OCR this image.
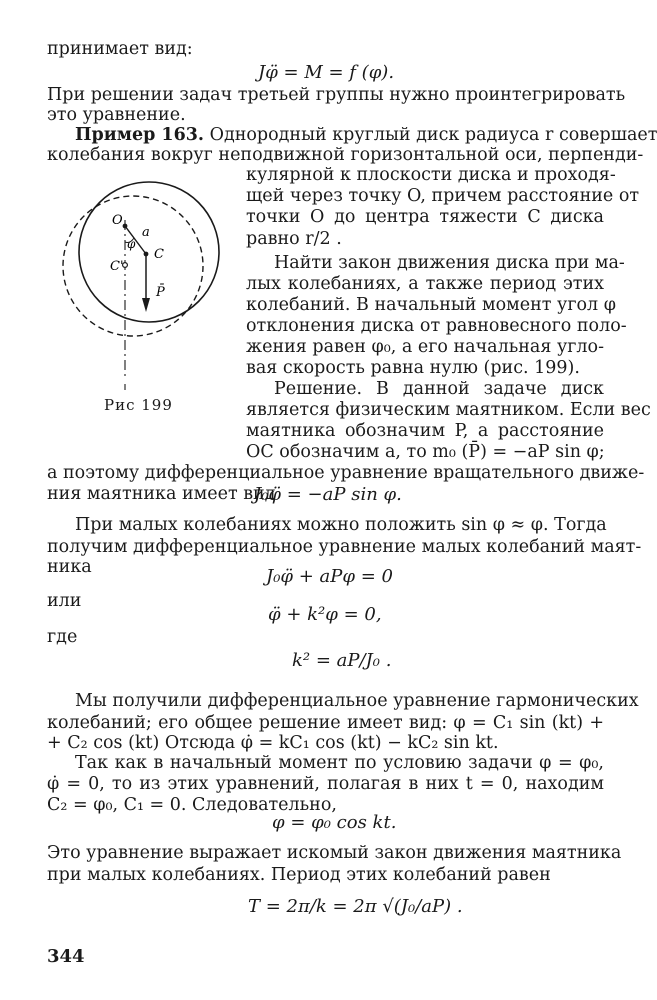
принимает вид:
Jφ̈ = M = f (φ).
При решении задач третьей группы нужно проинтегрировать
это уравнение.
Пример 163. Однородный круглый диск радиуса r совершает
колебания вокруг неподвижной горизонтальной оси, перпенди-
кулярной к плоскости диска и проходя-
щей через точку O, причем расстояние от
точки O до центра тяжести C диска
равно r/2 .
Найти закон движения диска при ма-
лых колебаниях, а также период этих
колебаний. В начальный момент угол φ
отклонения диска от равновесного поло-
жения равен φ₀, а его начальная угло-
вая скорость равна нулю (рис. 199).
Решение. В данной задаче диск
является физическим маятником. Если вес
маятника обозначим P, а расстояние
OC обозначим a, то m₀ (P̄) = −aP sin φ;
O
a
φ
C
C'
P̄
Рис 199
а поэтому дифференциальное уравнение вращательного движе-
ния маятника имеет вид
J₀φ̈ = −aP sin φ.
При малых колебаниях можно положить sin φ ≈ φ. Тогда
получим дифференциальное уравнение малых колебаний маят-
ника	J₀φ̈ + aPφ = 0
или
φ̈ + k²φ = 0,
где
k² = aP/J₀ .
Мы получили дифференциальное уравнение гармонических
колебаний; его общее решение имеет вид: φ = C₁ sin (kt) +
+ C₂ cos (kt) Отсюда φ̇ = kC₁ cos (kt) − kC₂ sin kt.
Так как в начальный момент по условию задачи φ = φ₀,
φ̇ = 0, то из этих уравнений, полагая в них t = 0, находим
C₂ = φ₀, C₁ = 0. Следовательно,
φ = φ₀ cos kt.
Это уравнение выражает искомый закон движения маятника
при малых колебаниях. Период этих колебаний равен
T = 2π/k = 2π √(J₀/aP) .
344
